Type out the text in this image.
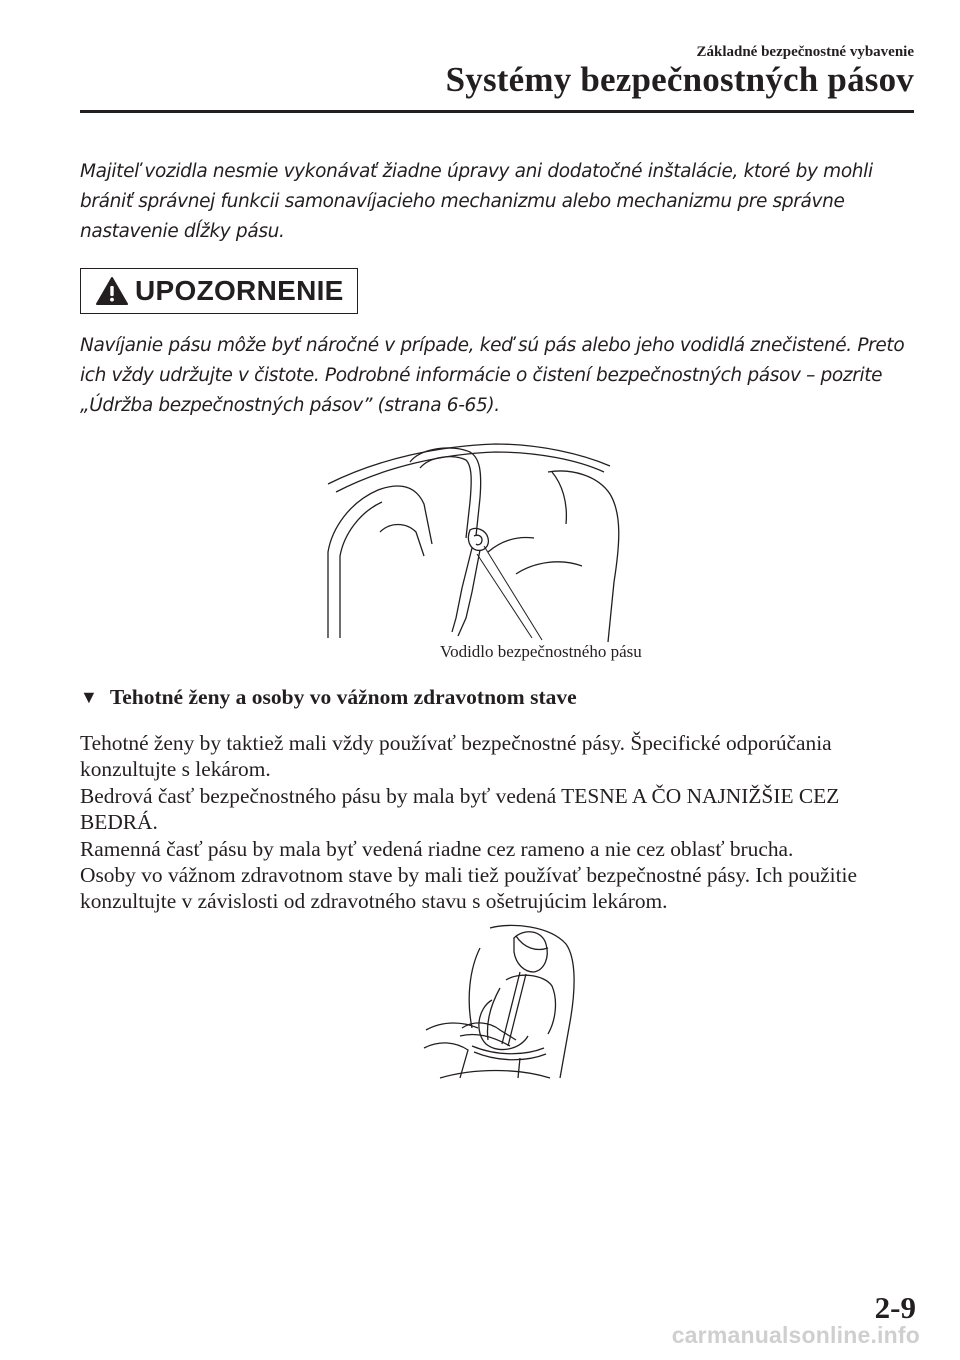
Základné bezpečnostné vybavenie
Systémy bezpečnostných pásov
Majiteľ vozidla nesmie vykonávať žiadne úpravy ani dodatočné inštalácie, ktoré by mohli
brániť správnej funkcii samonavíjacieho mechanizmu alebo mechanizmu pre správne
nastavenie dĺžky pásu.
UPOZORNENIE
Navíjanie pásu môže byť náročné v prípade, keď sú pás alebo jeho vodidlá znečistené. Preto
ich vždy udržujte v čistote. Podrobné informácie o čistení bezpečnostných pásov – pozrite
„Údržba bezpečnostných pásov” (strana 6-65).
Vodidlo bezpečnostného pásu
▼ Tehotné ženy a osoby vo vážnom zdravotnom stave
Tehotné ženy by taktiež mali vždy používať bezpečnostné pásy. Špecifické odporúčania
konzultujte s lekárom.
Bedrová časť bezpečnostného pásu by mala byť vedená TESNE A ČO NAJNIŽŠIE CEZ
BEDRÁ.
Ramenná časť pásu by mala byť vedená riadne cez rameno a nie cez oblasť brucha.
Osoby vo vážnom zdravotnom stave by mali tiež používať bezpečnostné pásy. Ich použitie
konzultujte v závislosti od zdravotného stavu s ošetrujúcim lekárom.
2-9
carmanualsonline.info
